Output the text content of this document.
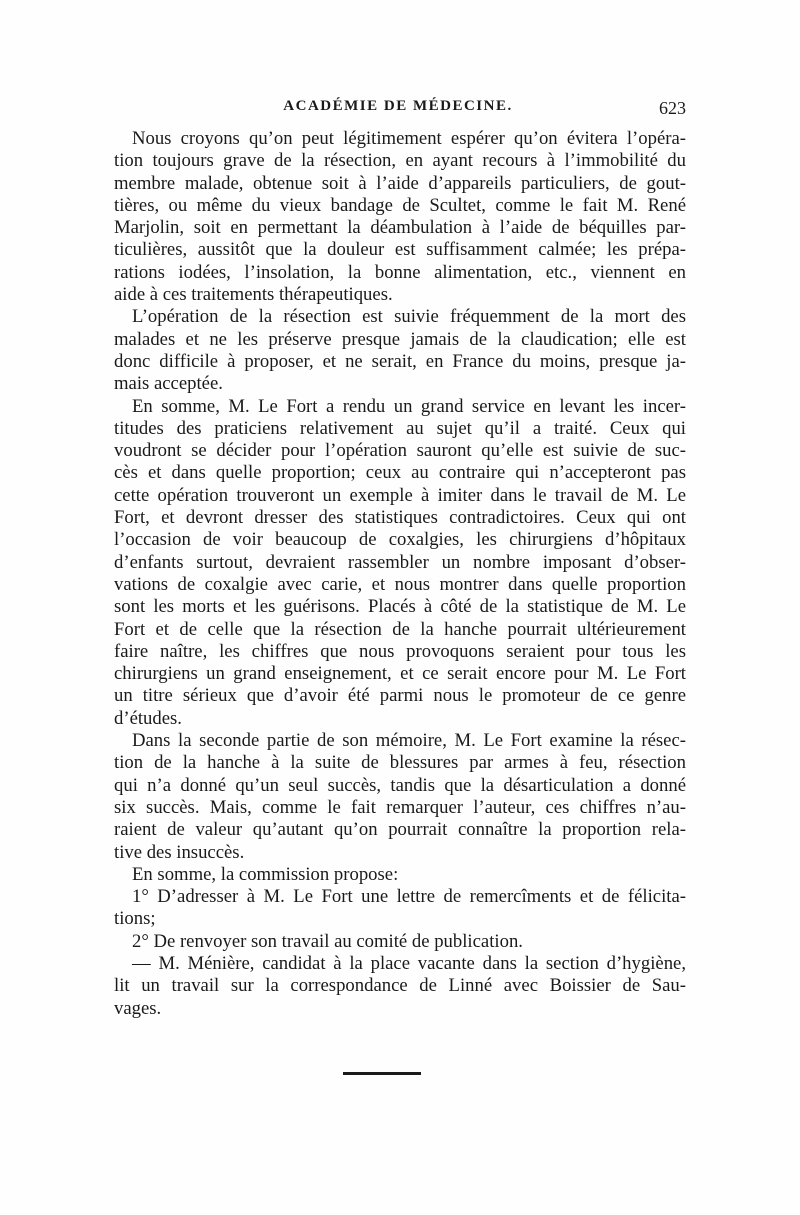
ACADÉMIE DE MÉDECINE.	623
Nous croyons qu’on peut légitimement espérer qu’on évitera l’opéra-
tion toujours grave de la résection, en ayant recours à l’immobilité du
membre malade, obtenue soit à l’aide d’appareils particuliers, de gout-
tières, ou même du vieux bandage de Scultet, comme le fait M. René
Marjolin, soit en permettant la déambulation à l’aide de béquilles par-
ticulières, aussitôt que la douleur est suffisamment calmée; les prépa-
rations iodées, l’insolation, la bonne alimentation, etc., viennent en
aide à ces traitements thérapeutiques.
L’opération de la résection est suivie fréquemment de la mort des
malades et ne les préserve presque jamais de la claudication; elle est
donc difficile à proposer, et ne serait, en France du moins, presque ja-
mais acceptée.
En somme, M. Le Fort a rendu un grand service en levant les incer-
titudes des praticiens relativement au sujet qu’il a traité. Ceux qui
voudront se décider pour l’opération sauront qu’elle est suivie de suc-
cès et dans quelle proportion; ceux au contraire qui n’accepteront pas
cette opération trouveront un exemple à imiter dans le travail de M. Le
Fort, et devront dresser des statistiques contradictoires. Ceux qui ont
l’occasion de voir beaucoup de coxalgies, les chirurgiens d’hôpitaux
d’enfants surtout, devraient rassembler un nombre imposant d’obser-
vations de coxalgie avec carie, et nous montrer dans quelle proportion
sont les morts et les guérisons. Placés à côté de la statistique de M. Le
Fort et de celle que la résection de la hanche pourrait ultérieurement
faire naître, les chiffres que nous provoquons seraient pour tous les
chirurgiens un grand enseignement, et ce serait encore pour M. Le Fort
un titre sérieux que d’avoir été parmi nous le promoteur de ce genre
d’études.
Dans la seconde partie de son mémoire, M. Le Fort examine la résec-
tion de la hanche à la suite de blessures par armes à feu, résection
qui n’a donné qu’un seul succès, tandis que la désarticulation a donné
six succès. Mais, comme le fait remarquer l’auteur, ces chiffres n’au-
raient de valeur qu’autant qu’on pourrait connaître la proportion rela-
tive des insuccès.
En somme, la commission propose:
1° D’adresser à M. Le Fort une lettre de remercîments et de félicita-
tions;
2° De renvoyer son travail au comité de publication.
— M. Ménière, candidat à la place vacante dans la section d’hygiène,
lit un travail sur la correspondance de Linné avec Boissier de Sau-
vages.
